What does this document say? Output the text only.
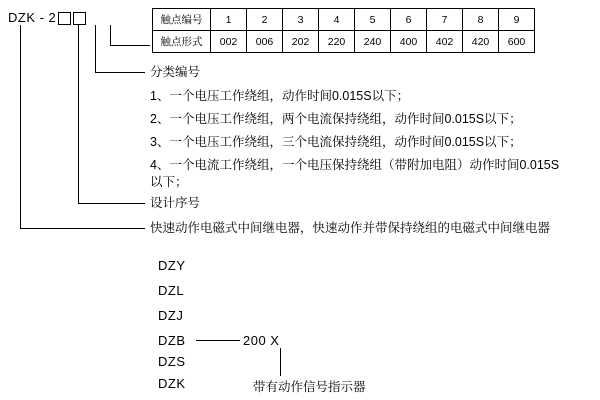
DZK - 2	触点编号	1	2	3	4	5	6	7	8	9
触点形式	002	006	202	220	240	400	402	420	600
分类编号
1、一个电压工作绕组，动作时间0.015S以下；
2、一个电压工作绕组，两个电流保持绕组，动作时间0.015S以下；
3、一个电压工作绕组，三个电流保持绕组，动作时间0.015S以下；
4、一个电流工作绕组，一个电压保持绕组（带附加电阻）动作时间0.015S以下；
设计序号
快速动作电磁式中间继电器，快速动作并带保持绕组的电磁式中间继电器
DZY
DZL
DZJ
DZB
DZS
DZK
200 X
带有动作信号指示器
